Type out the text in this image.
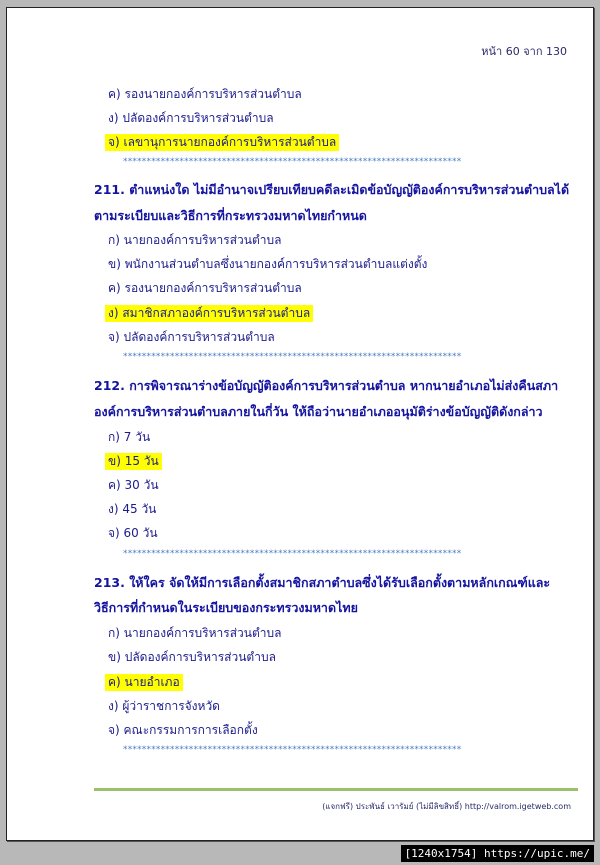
หน้า 60 จาก 130
ค) รองนายกองค์การบริหารส่วนตำบล
ง) ปลัดองค์การบริหารส่วนตำบล
จ) เลขานุการนายกองค์การบริหารส่วนตำบล
************************************************************************
211. ตำแหน่งใด ไม่มีอำนาจเปรียบเทียบคดีละเมิดข้อบัญญัติองค์การบริหารส่วนตำบลได้
ตามระเบียบและวิธีการที่กระทรวงมหาดไทยกำหนด
ก) นายกองค์การบริหารส่วนตำบล
ข) พนักงานส่วนตำบลซึ่งนายกองค์การบริหารส่วนตำบลแต่งตั้ง
ค) รองนายกองค์การบริหารส่วนตำบล
ง) สมาชิกสภาองค์การบริหารส่วนตำบล
จ) ปลัดองค์การบริหารส่วนตำบล
************************************************************************
212. การพิจารณาร่างข้อบัญญัติองค์การบริหารส่วนตำบล หากนายอำเภอไม่ส่งคืนสภา
องค์การบริหารส่วนตำบลภายในกี่วัน ให้ถือว่านายอำเภออนุมัติร่างข้อบัญญัติดังกล่าว
ก) 7 วัน
ข) 15 วัน
ค) 30 วัน
ง) 45 วัน
จ) 60 วัน
************************************************************************
213. ให้ใคร จัดให้มีการเลือกตั้งสมาชิกสภาตำบลซึ่งได้รับเลือกตั้งตามหลักเกณฑ์และ
วิธีการที่กำหนดในระเบียบของกระทรวงมหาดไทย
ก) นายกองค์การบริหารส่วนตำบล
ข) ปลัดองค์การบริหารส่วนตำบล
ค) นายอำเภอ
ง) ผู้ว่าราชการจังหวัด
จ) คณะกรรมการการเลือกตั้ง
************************************************************************
(แจกฟรี) ประพันธ์ เวารัมย์ (ไม่มีลิขสิทธิ์) http://valrom.igetweb.com
[1240x1754] https://upic.me/
